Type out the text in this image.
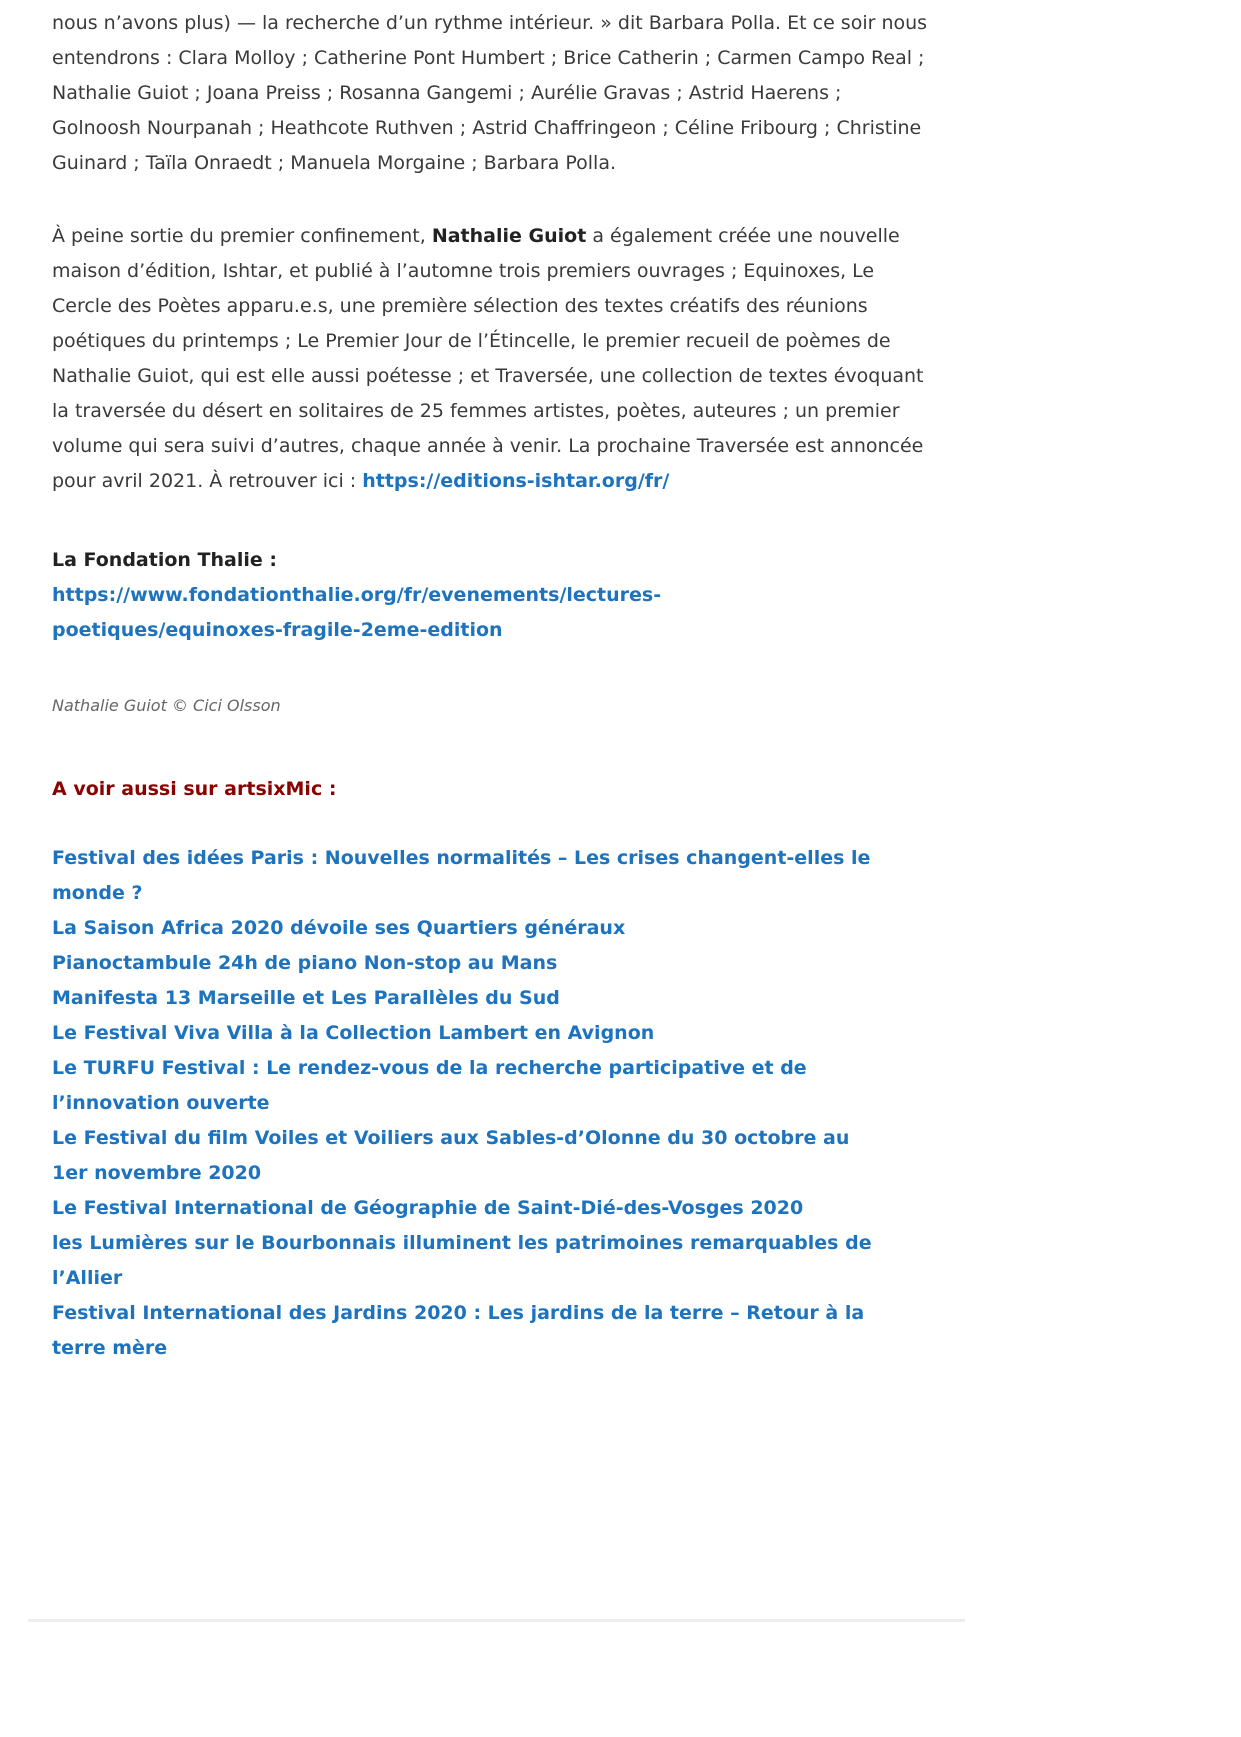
nous n’avons plus) — la recherche d’un rythme intérieur. » dit Barbara Polla. Et ce soir nous entendrons : Clara Molloy ; Catherine Pont Humbert ; Brice Catherin ; Carmen Campo Real ; Nathalie Guiot ; Joana Preiss ; Rosanna Gangemi ; Aurélie Gravas ; Astrid Haerens ; Golnoosh Nourpanah ; Heathcote Ruthven ; Astrid Chaffringeon ; Céline Fribourg ; Christine Guinard ; Taïla Onraedt ; Manuela Morgaine ; Barbara Polla.

À peine sortie du premier confinement, Nathalie Guiot a également créée une nouvelle maison d’édition, Ishtar, et publié à l’automne trois premiers ouvrages ; Equinoxes, Le Cercle des Poètes apparu.e.s, une première sélection des textes créatifs des réunions poétiques du printemps ; Le Premier Jour de l’Étincelle, le premier recueil de poèmes de Nathalie Guiot, qui est elle aussi poétesse ; et Traversée, une collection de textes évoquant la traversée du désert en solitaires de 25 femmes artistes, poètes, auteures ; un premier volume qui sera suivi d’autres, chaque année à venir. La prochaine Traversée est annoncée pour avril 2021. À retrouver ici : https://editions-ishtar.org/fr/

La Fondation Thalie :
https://www.fondationthalie.org/fr/evenements/lectures-poetiques/equinoxes-fragile-2eme-edition

Nathalie Guiot © Cici Olsson

A voir aussi sur artsixMic :
Festival des idées Paris : Nouvelles normalités – Les crises changent-elles le monde ?
La Saison Africa 2020 dévoile ses Quartiers généraux
Pianoctambule 24h de piano Non-stop au Mans
Manifesta 13 Marseille et Les Parallèles du Sud
Le Festival Viva Villa à la Collection Lambert en Avignon
Le TURFU Festival : Le rendez-vous de la recherche participative et de l’innovation ouverte
Le Festival du film Voiles et Voiliers aux Sables-d’Olonne du 30 octobre au 1er novembre 2020
Le Festival International de Géographie de Saint-Dié-des-Vosges 2020
les Lumières sur le Bourbonnais illuminent les patrimoines remarquables de l’Allier
Festival International des Jardins 2020 : Les jardins de la terre – Retour à la terre mère
